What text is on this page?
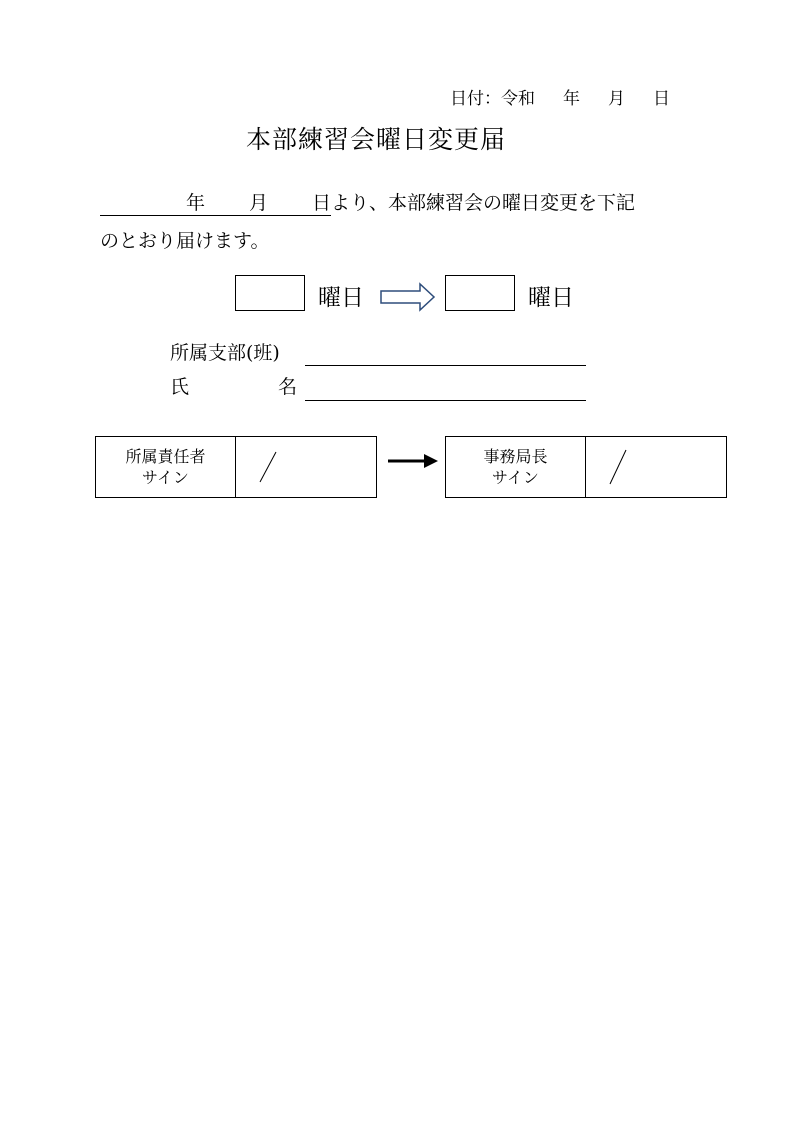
日付：令和 年 月 日
本部練習会曜日変更届
年 月 日より、本部練習会の曜日変更を下記
のとおり届けます。
曜日	曜日
所属支部(班)
氏	名
所属責任者
サイン
事務局長
サイン
